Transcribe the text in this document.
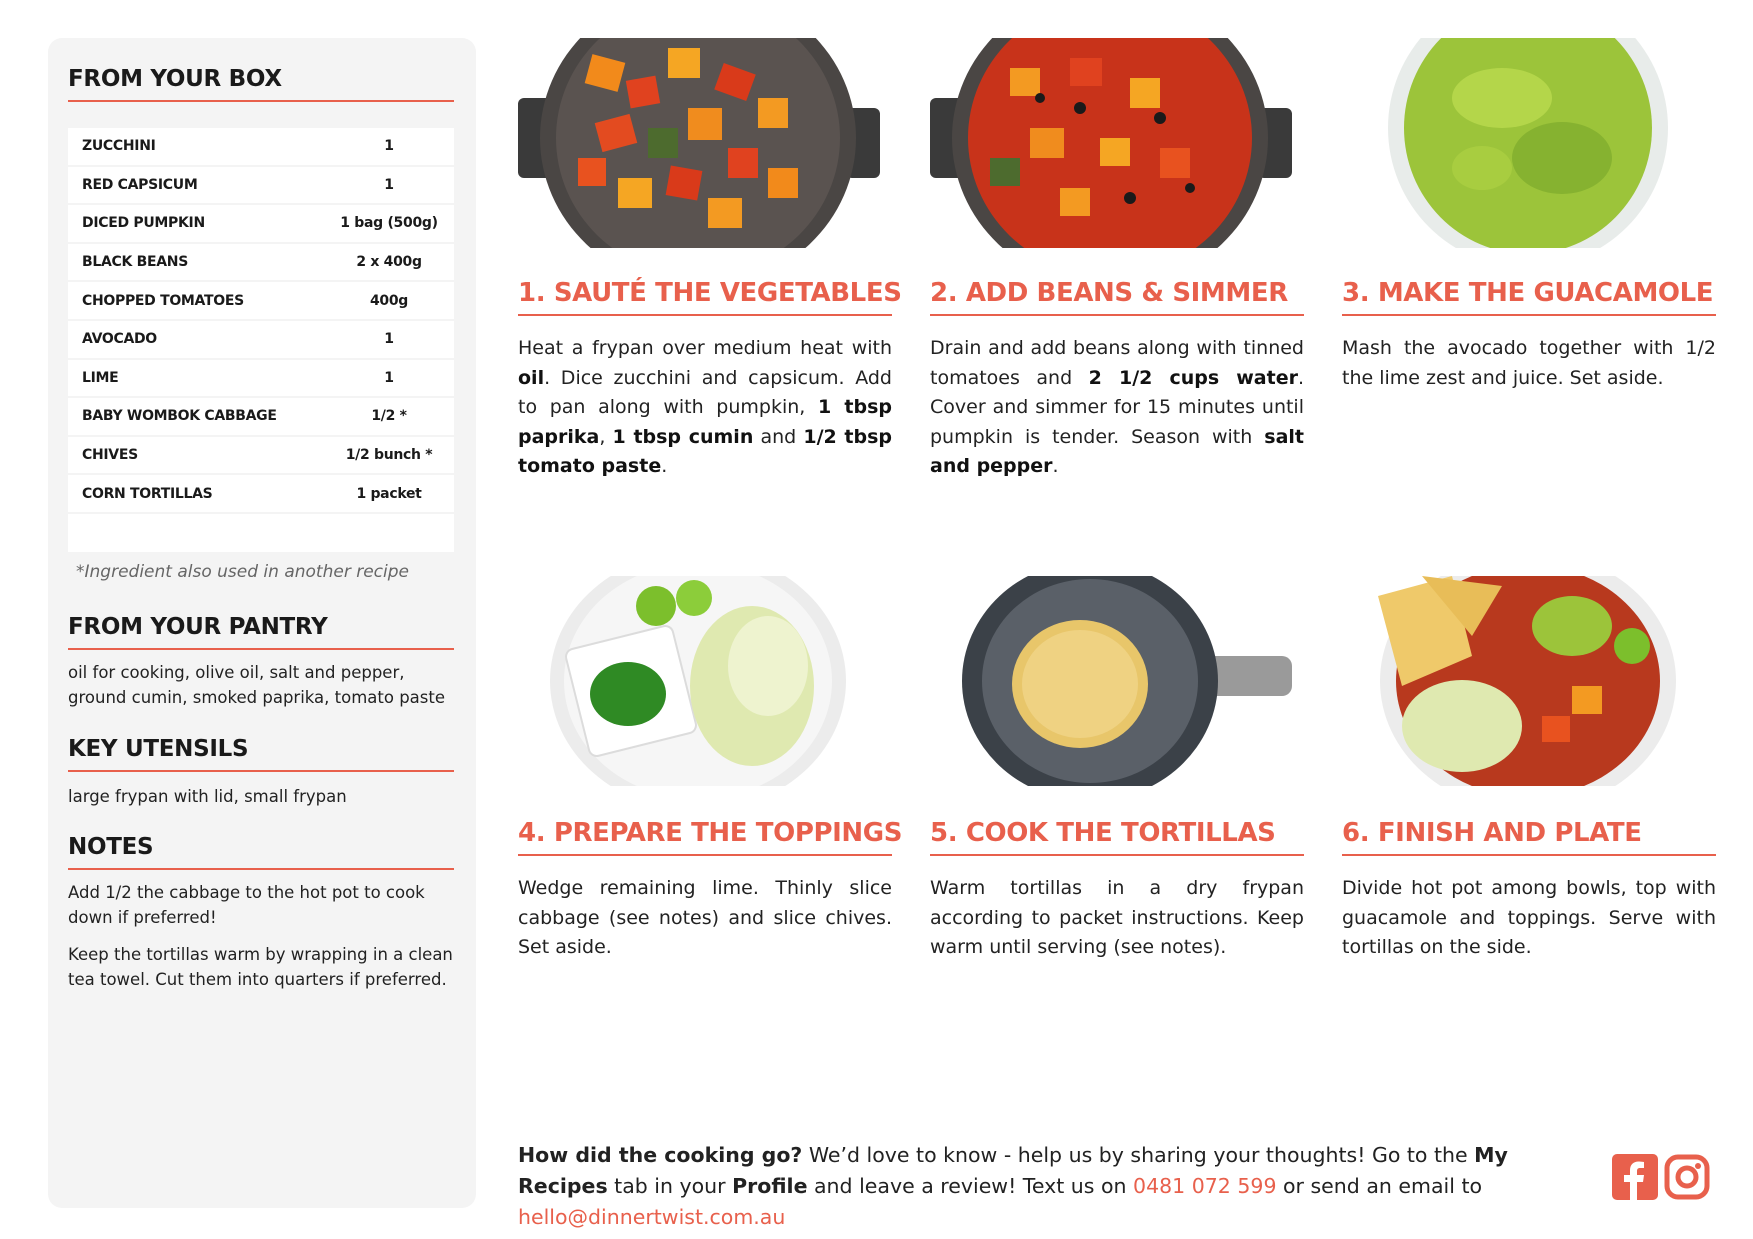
FROM YOUR BOX
ZUCCHINI	1
RED CAPSICUM	1
DICED PUMPKIN	1 bag (500g)
BLACK BEANS	2 x 400g
CHOPPED TOMATOES	400g
AVOCADO	1
LIME	1
BABY WOMBOK CABBAGE	1/2 *
CHIVES	1/2 bunch *
CORN TORTILLAS	1 packet
*Ingredient also used in another recipe
FROM YOUR PANTRY
oil for cooking, olive oil, salt and pepper, ground cumin, smoked paprika, tomato paste
KEY UTENSILS
large frypan with lid, small frypan
NOTES
Add 1/2 the cabbage to the hot pot to cook down if preferred!
Keep the tortillas warm by wrapping in a clean tea towel. Cut them into quarters if preferred.
1. SAUTÉ THE VEGETABLES
Heat a frypan over medium heat with oil. Dice zucchini and capsicum. Add to pan along with pumpkin, 1 tbsp paprika, 1 tbsp cumin and 1/2 tbsp tomato paste.
2. ADD BEANS & SIMMER
Drain and add beans along with tinned tomatoes and 2 1/2 cups water. Cover and simmer for 15 minutes until pumpkin is tender. Season with salt and pepper.
3. MAKE THE GUACAMOLE
Mash the avocado together with 1/2 the lime zest and juice. Set aside.
4. PREPARE THE TOPPINGS
Wedge remaining lime. Thinly slice cabbage (see notes) and slice chives. Set aside.
5. COOK THE TORTILLAS
Warm tortillas in a dry frypan according to packet instructions. Keep warm until serving (see notes).
6. FINISH AND PLATE
Divide hot pot among bowls, top with guacamole and toppings. Serve with tortillas on the side.
How did the cooking go? We’d love to know - help us by sharing your thoughts! Go to the My Recipes tab in your Profile and leave a review! Text us on 0481 072 599 or send an email to hello@dinnertwist.com.au
